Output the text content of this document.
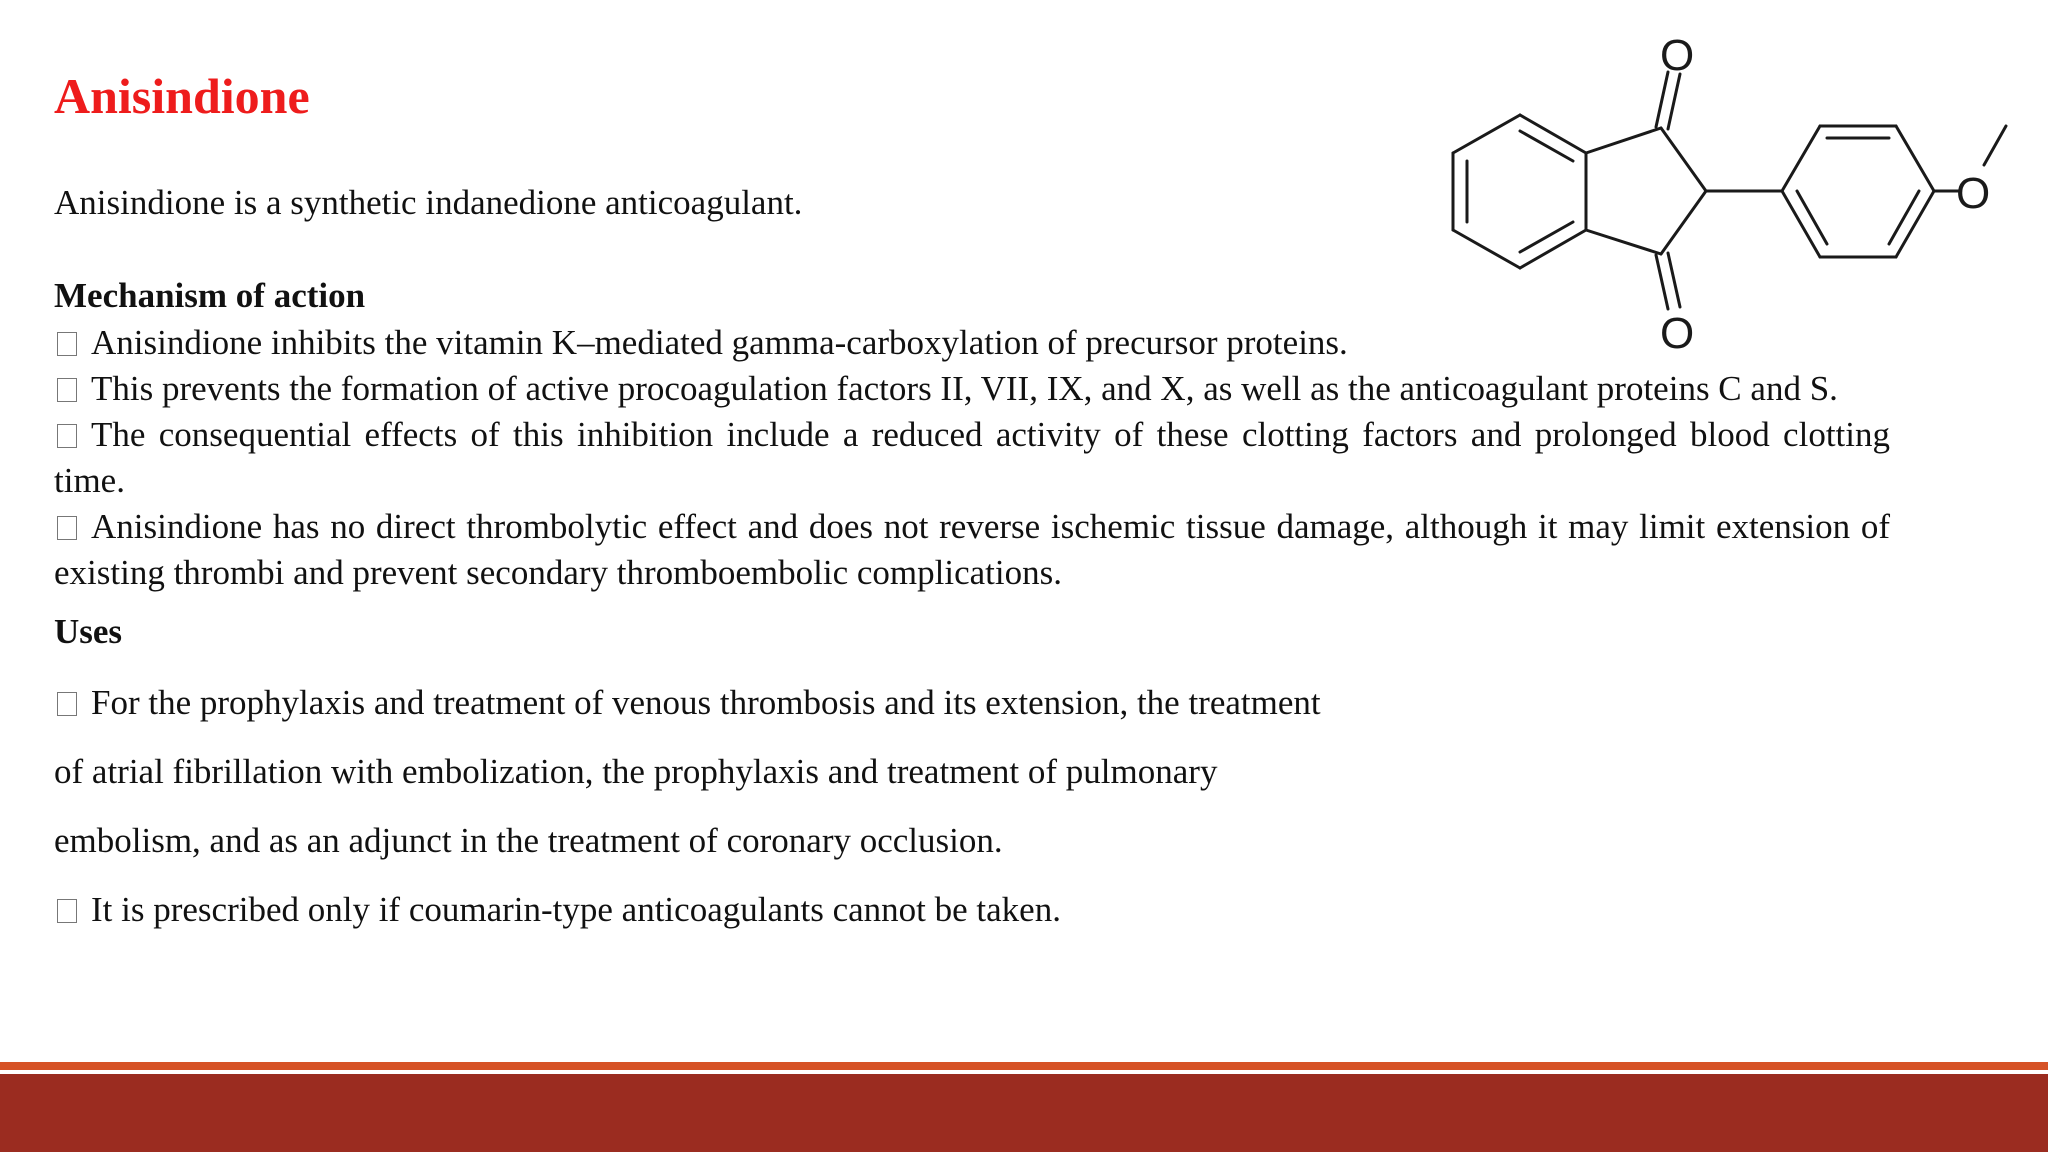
Anisindione

Anisindione is a synthetic indanedione anticoagulant.

O
O
O

Mechanism of action

Anisindione inhibits the vitamin K–mediated gamma-carboxylation of precursor proteins.

This prevents the formation of active procoagulation factors II, VII, IX, and X, as well as the anticoagulant proteins C and S.

The consequential effects of this inhibition include a reduced activity of these clotting factors and prolonged blood clotting time.

Anisindione has no direct thrombolytic effect and does not reverse ischemic tissue damage, although it may limit extension of existing thrombi and prevent secondary thromboembolic complications.

Uses

For the prophylaxis and treatment of venous thrombosis and its extension, the treatment

of atrial fibrillation with embolization, the prophylaxis and treatment of pulmonary

embolism, and as an adjunct in the treatment of coronary occlusion.

It is prescribed only if coumarin-type anticoagulants cannot be taken.
